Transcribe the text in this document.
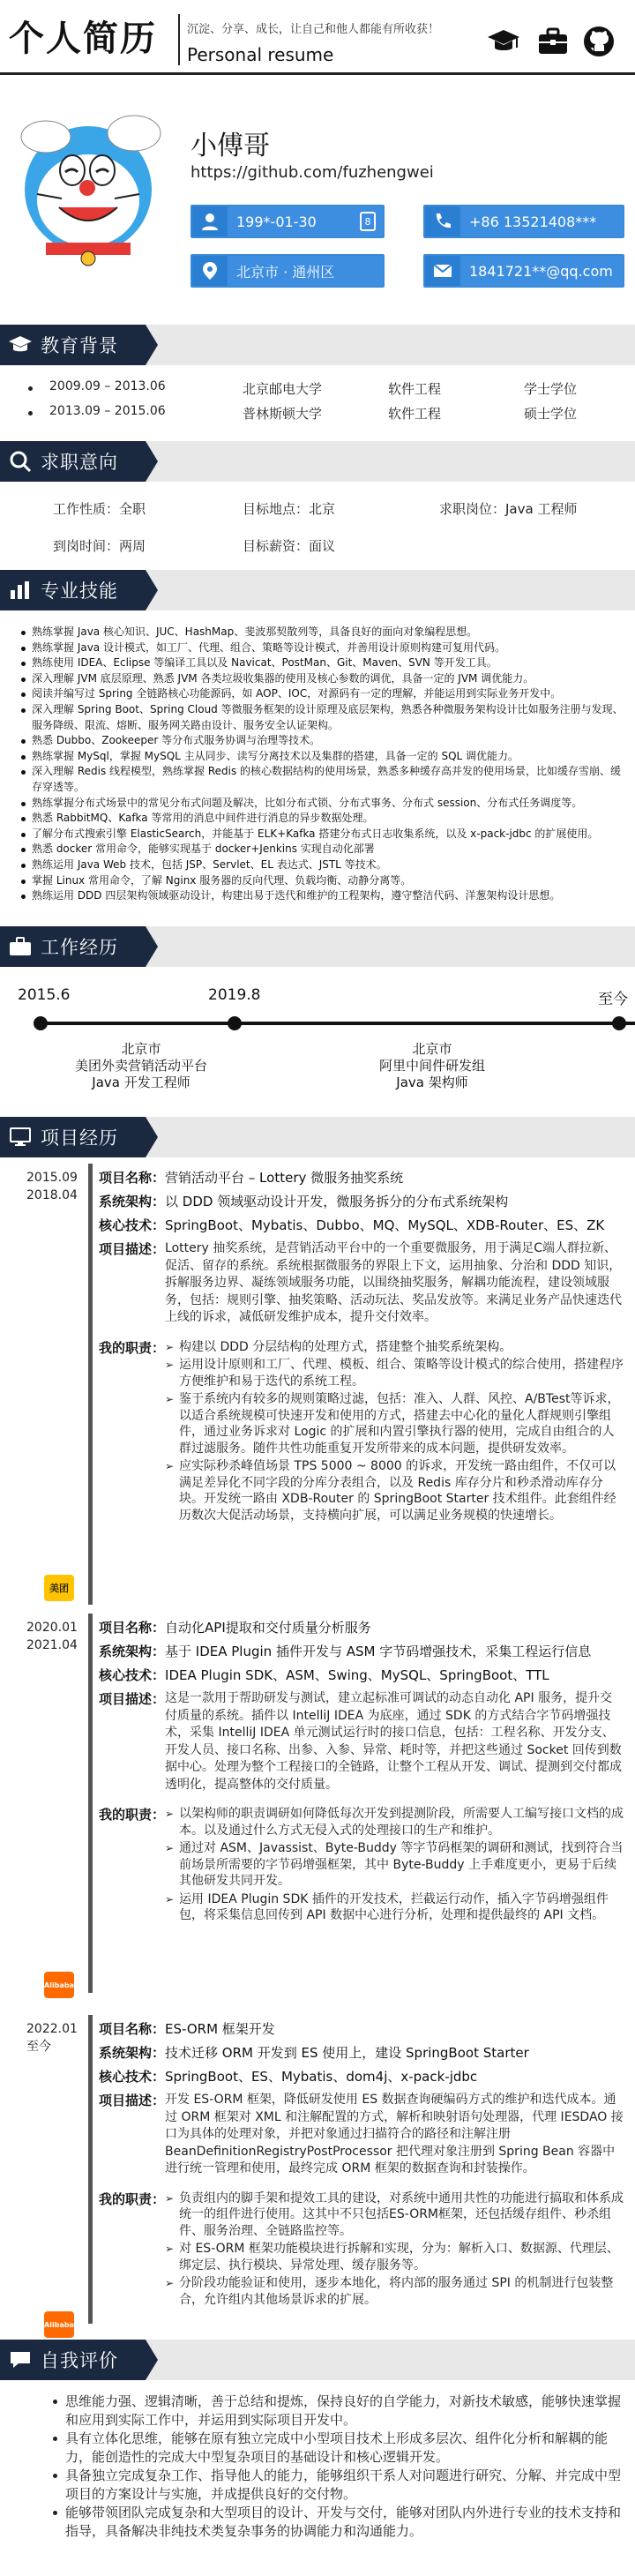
个人简历	沉淀、分享、成长，让自己和他人都能有所收获！
Personal resume
小傅哥
https://github.com/fuzhengwei
199*-01-30	8	+86 13521408***
北京市 · 通州区	1841721**@qq.com
教育背景
2009.09 – 2013.06	北京邮电大学	软件工程	学士学位
2013.09 – 2015.06	普林斯顿大学	软件工程	硕士学位
求职意向
工作性质：全职	目标地点：北京	求职岗位：Java 工程师
到岗时间：两周	目标薪资：面议
专业技能
熟练掌握 Java 核心知识、JUC、HashMap、斐波那契散列等，具备良好的面向对象编程思想。
熟练掌握 Java 设计模式，如工厂、代理、组合、策略等设计模式，并善用设计原则构建可复用代码。
熟练使用 IDEA、Eclipse 等编译工具以及 Navicat、PostMan、Git、Maven、SVN 等开发工具。
深入理解 JVM 底层原理、熟悉 JVM 各类垃圾收集器的使用及核心参数的调优，具备一定的 JVM 调优能力。
阅读并编写过 Spring 全链路核心功能源码，如 AOP、IOC，对源码有一定的理解，并能运用到实际业务开发中。
深入理解 Spring Boot、Spring Cloud 等微服务框架的设计原理及底层架构，熟悉各种微服务架构设计比如服务注册与发现、服务降级、限流、熔断、服务网关路由设计、服务安全认证架构。
熟悉 Dubbo、Zookeeper 等分布式服务协调与治理等技术。
熟练掌握 MySql，掌握 MySQL 主从同步、读写分离技术以及集群的搭建，具备一定的 SQL 调优能力。
深入理解 Redis 线程模型，熟练掌握 Redis 的核心数据结构的使用场景，熟悉多种缓存高并发的使用场景，比如缓存雪崩、缓存穿透等。
熟练掌握分布式场景中的常见分布式问题及解决，比如分布式锁、分布式事务、分布式 session、分布式任务调度等。
熟悉 RabbitMQ、Kafka 等常用的消息中间件进行消息的异步数据处理。
了解分布式搜索引擎 ElasticSearch，并能基于 ELK+Kafka 搭建分布式日志收集系统，以及 x-pack-jdbc 的扩展使用。
熟悉 docker 常用命令，能够实现基于 docker+Jenkins 实现自动化部署
熟练运用 Java Web 技术，包括 JSP、Servlet、EL 表达式、JSTL 等技术。
掌握 Linux 常用命令，了解 Nginx 服务器的反向代理、负载均衡、动静分离等。
熟练运用 DDD 四层架构领域驱动设计，构建出易于迭代和维护的工程架构，遵守整洁代码、洋葱架构设计思想。
工作经历
2015.6	2019.8	至今
北京市
美团外卖营销活动平台
Java 开发工程师
北京市
阿里中间件研发组
Java 架构师
项目经历
2015.09
2018.04
美团
项目名称：营销活动平台 – Lottery 微服务抽奖系统
系统架构：以 DDD 领域驱动设计开发，微服务拆分的分布式系统架构
核心技术：SpringBoot、Mybatis、Dubbo、MQ、MySQL、XDB-Router、ES、ZK
项目描述： Lottery 抽奖系统，是营销活动平台中的一个重要微服务，用于满足C端人群拉新、促活、留存的系统。系统根据微服务的界限上下文，运用抽象、分治和 DDD 知识，拆解服务边界、凝练领域服务功能，以围绕抽奖服务，解耦功能流程，建设领域服务，包括：规则引擎、抽奖策略、活动玩法、奖品发放等。来满足业务产品快速迭代上线的诉求，减低研发维护成本，提升交付效率。
我的职责：	➢ 构建以 DDD 分层结构的处理方式，搭建整个抽奖系统架构。
➢ 运用设计原则和工厂、代理、模板、组合、策略等设计模式的综合使用，搭建程序方便维护和易于迭代的系统工程。
➢ 鉴于系统内有较多的规则策略过滤，包括：准入、人群、风控、A/BTest等诉求，以适合系统规模可快速开发和使用的方式，搭建去中心化的量化人群规则引擎组件，通过业务诉求对 Logic 的扩展和内置引擎执行器的使用，完成自由组合的人群过滤服务。随件共性功能重复开发所带来的成本问题，提供研发效率。
➢ 应实际秒杀峰值场景 TPS 5000 ~ 8000 的诉求，开发统一路由组件，不仅可以满足差异化不同字段的分库分表组合，以及 Redis 库存分片和秒杀滑动库存分块。开发统一路由 XDB-Router 的 SpringBoot Starter 技术组件。此套组件经历数次大促活动场景，支持横向扩展，可以满足业务规模的快速增长。
2020.01
2021.04
Alibaba
项目名称：自动化API提取和交付质量分析服务
系统架构：基于 IDEA Plugin 插件开发与 ASM 字节码增强技术，采集工程运行信息
核心技术：IDEA Plugin SDK、ASM、Swing、MySQL、SpringBoot、TTL
项目描述： 这是一款用于帮助研发与测试，建立起标准可调试的动态自动化 API 服务，提升交付质量的系统。插件以 IntelliJ IDEA 为底座，通过 SDK 的方式结合字节码增强技术，采集 IntelliJ IDEA 单元测试运行时的接口信息，包括：工程名称、开发分支、开发人员、接口名称、出参、入参、异常、耗时等，并把这些通过 Socket 回传到数据中心。处理为整个工程接口的全链路，让整个工程从开发、调试、提测到交付都成透明化，提高整体的交付质量。
我的职责：	➢ 以架构师的职责调研如何降低每次开发到提测阶段，所需要人工编写接口文档的成本。以及通过什么方式无侵入式的处理接口的生产和维护。
➢ 通过对 ASM、Javassist、Byte-Buddy 等字节码框架的调研和测试，找到符合当前场景所需要的字节码增强框架，其中 Byte-Buddy 上手难度更小，更易于后续其他研发共同开发。
➢ 运用 IDEA Plugin SDK 插件的开发技术，拦截运行动作，插入字节码增强组件包，将采集信息回传到 API 数据中心进行分析，处理和提供最终的 API 文档。
2022.01
至今
Alibaba
项目名称：ES-ORM 框架开发
系统架构：技术迁移 ORM 开发到 ES 使用上，建设 SpringBoot Starter
核心技术：SpringBoot、ES、Mybatis、dom4j、x-pack-jdbc
项目描述： 开发 ES-ORM 框架，降低研发使用 ES 数据查询硬编码方式的维护和迭代成本。通过 ORM 框架对 XML 和注解配置的方式，解析和映射语句处理器，代理 IESDAO 接口为具体的处理对象，并把对象通过扫描符合的路径和注解注册 BeanDefinitionRegistryPostProcessor 把代理对象注册到 Spring Bean 容器中进行统一管理和使用，最终完成 ORM 框架的数据查询和封装操作。
我的职责：	➢ 负责组内的脚手架和提效工具的建设，对系统中通用共性的功能进行搞取和体系成统一的组件进行使用。这其中不只包括ES-ORM框架，还包括缓存组件、秒杀组件、服务治理、全链路监控等。
➢ 对 ES-ORM 框架功能模块进行拆解和实现，分为：解析入口、数据源、代理层、绑定层、执行模块、异常处理、缓存服务等。
➢ 分阶段功能验证和使用，逐步本地化，将内部的服务通过 SPI 的机制进行包装整合，允许组内其他场景诉求的扩展。
自我评价
思维能力强、逻辑清晰，善于总结和提炼，保持良好的自学能力，对新技术敏感，能够快速掌握和应用到实际工作中，并运用到实际项目开发中。
具有立体化思维，能够在原有独立完成中小型项目技术上形成多层次、组件化分析和解耦的能力，能创造性的完成大中型复杂项目的基础设计和核心逻辑开发。
具备独立完成复杂工作、指导他人的能力，能够组织干系人对问题进行研究、分解、并完成中型项目的方案设计与实施，并成提供良好的交付物。
能够带领团队完成复杂和大型项目的设计、开发与交付，能够对团队内外进行专业的技术支持和指导，具备解决非纯技术类复杂事务的协调能力和沟通能力。
